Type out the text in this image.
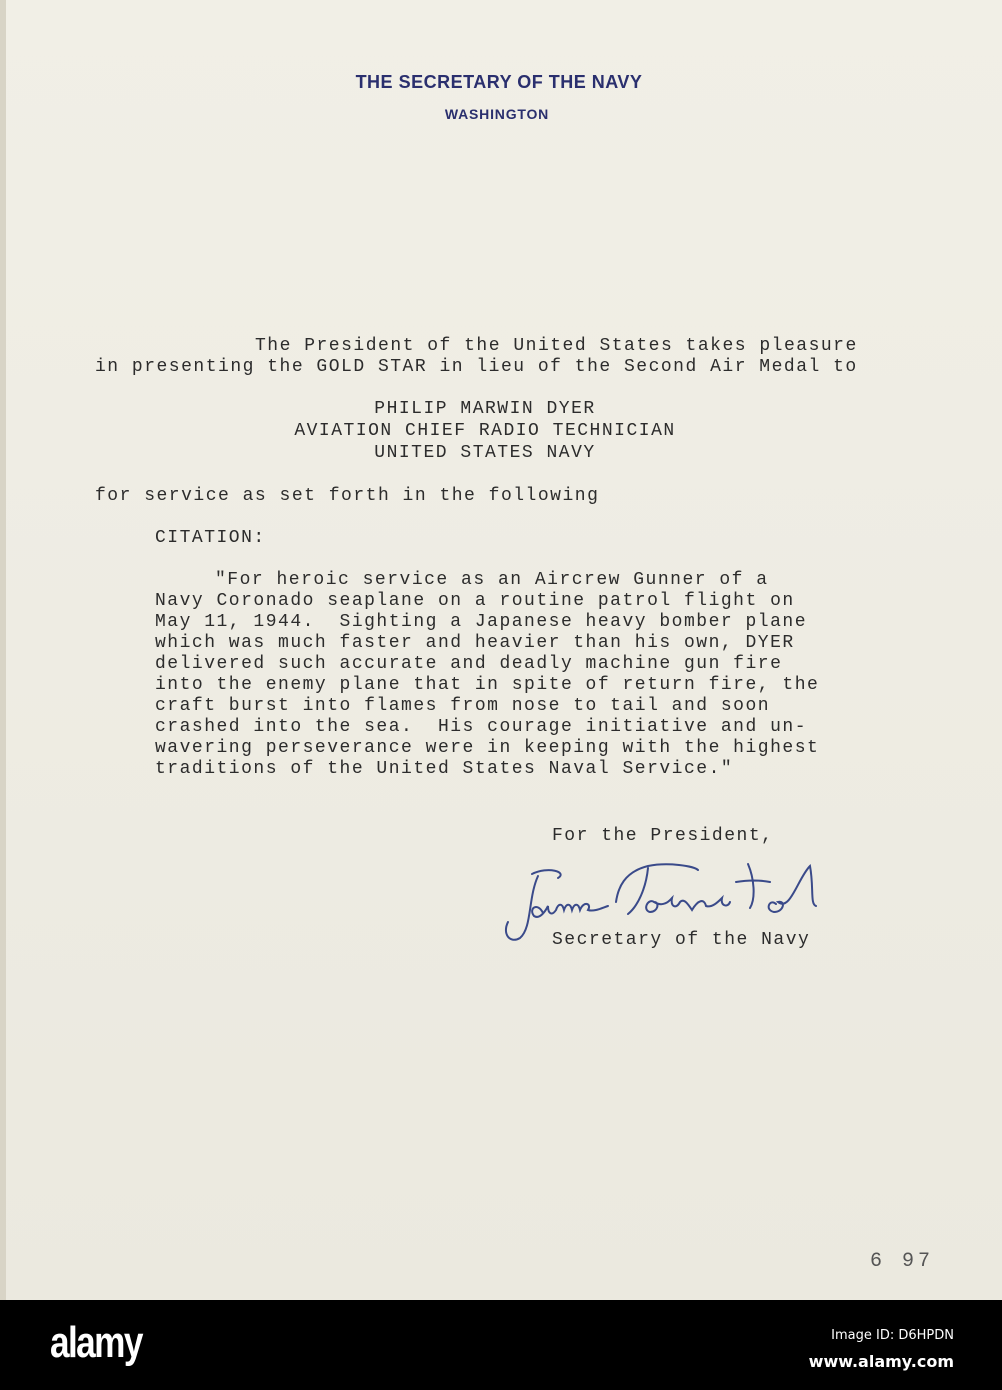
THE SECRETARY OF THE NAVY
WASHINGTON
The President of the United States takes pleasure
in presenting the GOLD STAR in lieu of the Second Air Medal to
PHILIP MARWIN DYER
AVIATION CHIEF RADIO TECHNICIAN
UNITED STATES NAVY
for service as set forth in the following
CITATION:
"For heroic service as an Aircrew Gunner of a
Navy Coronado seaplane on a routine patrol flight on
May 11, 1944.  Sighting a Japanese heavy bomber plane
which was much faster and heavier than his own, DYER
delivered such accurate and deadly machine gun fire
into the enemy plane that in spite of return fire, the
craft burst into flames from nose to tail and soon
crashed into the sea.  His courage initiative and un-
wavering perseverance were in keeping with the highest
traditions of the United States Naval Service."
For the President,
Secretary of the Navy
6 97
alamy	Image ID: D6HPDN
www.alamy.com
